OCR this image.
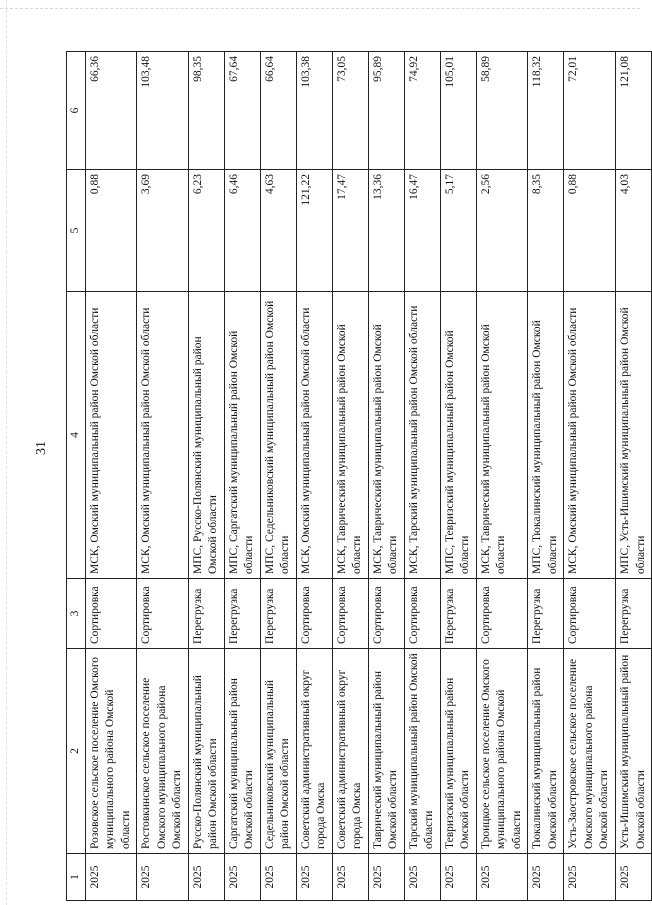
31
1	2	3	4	5	6
2025	Розовское сельское поселение Омского муниципального района Омской области	Сортировка	МСК, Омский муниципальный район Омской области	0,88	66,36
2025	Ростовкинское сельское поселение Омского муниципального района Омской области	Сортировка	МСК, Омский муниципальный район Омской области	3,69	103,48
2025	Русско-Полянский муниципальный район Омской области	Перегрузка	МПС, Русско-Полянский муниципальный район Омской области	6,23	98,35
2025	Саргатский муниципальный район Омской области	Перегрузка	МПС, Саргатский муниципальный район Омской области	6,46	67,64
2025	Седельниковский муниципальный район Омской области	Перегрузка	МПС, Седельниковский муниципальный район Омской области	4,63	66,64
2025	Советский административный округ города Омска	Сортировка	МСК, Омский муниципальный район Омской области	121,22	103,38
2025	Советский административный округ города Омска	Сортировка	МСК, Таврический муниципальный район Омской области	17,47	73,05
2025	Таврический муниципальный район Омской области	Сортировка	МСК, Таврический муниципальный район Омской области	13,36	95,89
2025	Тарский муниципальный район Омской области	Сортировка	МСК, Тарский муниципальный район Омской области	16,47	74,92
2025	Тевризский муниципальный район Омской области	Перегрузка	МПС, Тевризский муниципальный район Омской области	5,17	105,01
2025	Троицкое сельское поселение Омского муниципального района Омской области	Сортировка	МСК, Таврический муниципальный район Омской области	2,56	58,89
2025	Тюкалинский муниципальный район Омской области	Перегрузка	МПС, Тюкалинский муниципальный район Омской области	8,35	118,32
2025	Усть-Заостровское сельское поселение Омского муниципального района Омской области	Сортировка	МСК, Омский муниципальный район Омской области	0,88	72,01
2025	Усть-Ишимский муниципальный район Омской области	Перегрузка	МПС, Усть-Ишимский муниципальный район Омской области	4,03	121,08
